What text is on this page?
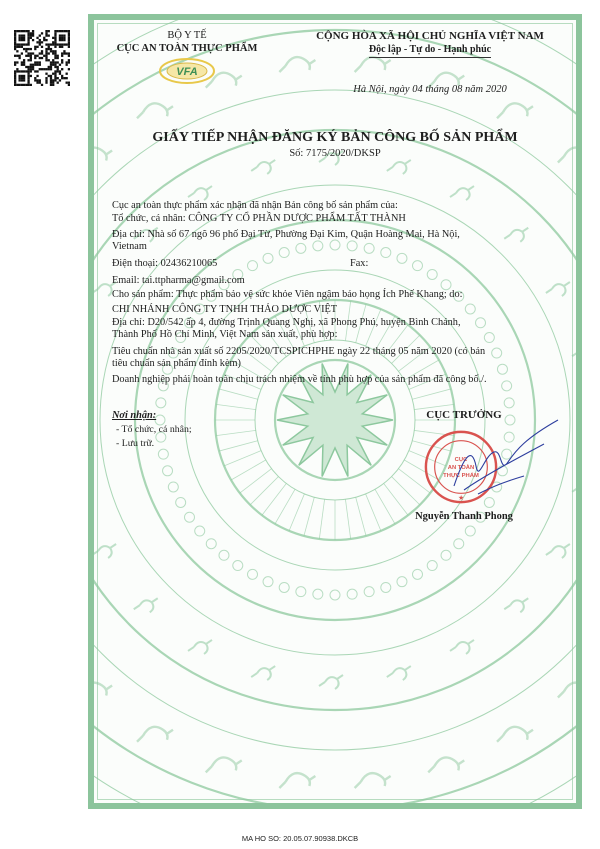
BỘ Y TẾ
CỤC AN TOÀN THỰC PHẨM
VFA
CỘNG HÒA XÃ HỘI CHỦ NGHĨA VIỆT NAM
Độc lập - Tự do - Hạnh phúc
Hà Nội, ngày 04 tháng 08 năm 2020
GIẤY TIẾP NHẬN ĐĂNG KÝ BẢN CÔNG BỐ SẢN PHẨM
Số: 7175/2020/DKSP
Cục an toàn thực phẩm xác nhận đã nhận Bản công bố sản phẩm của:
Tổ chức, cá nhân: CÔNG TY CỔ PHẦN DƯỢC PHẨM TẤT THÀNH
Địa chỉ: Nhà số 67 ngõ 96 phố Đại Từ, Phường Đại Kim, Quận Hoàng Mai, Hà Nội,
Vietnam
Điện thoại: 02436210065	Fax:
Email: tai.ttpharma@gmail.com
Cho sản phẩm: Thực phẩm bảo vệ sức khỏe Viên ngậm bảo họng Ích Phế Khang; do:
CHI NHÁNH CÔNG TY TNHH THẢO DƯỢC VIỆT
Địa chỉ: D20/542 ấp 4, đường Trịnh Quang Nghị, xã Phong Phú, huyện Bình Chánh,
Thành Phố Hồ Chí Minh, Việt Nam sản xuất, phù hợp:
Tiêu chuẩn nhà sản xuất số 2205/2020/TCSPICHPHE ngày 22 tháng 05 năm 2020 (có bản
tiêu chuẩn sản phẩm đính kèm)
Doanh nghiệp phải hoàn toàn chịu trách nhiệm về tính phù hợp của sản phẩm đã công bố./.
Nơi nhận:
- Tổ chức, cá nhân;
- Lưu trữ.
CỤC TRƯỞNG
CỤC
AN TOÀN
THỰC PHẨM
★
Nguyễn Thanh Phong
MA HO SO: 20.05.07.90938.DKCB
